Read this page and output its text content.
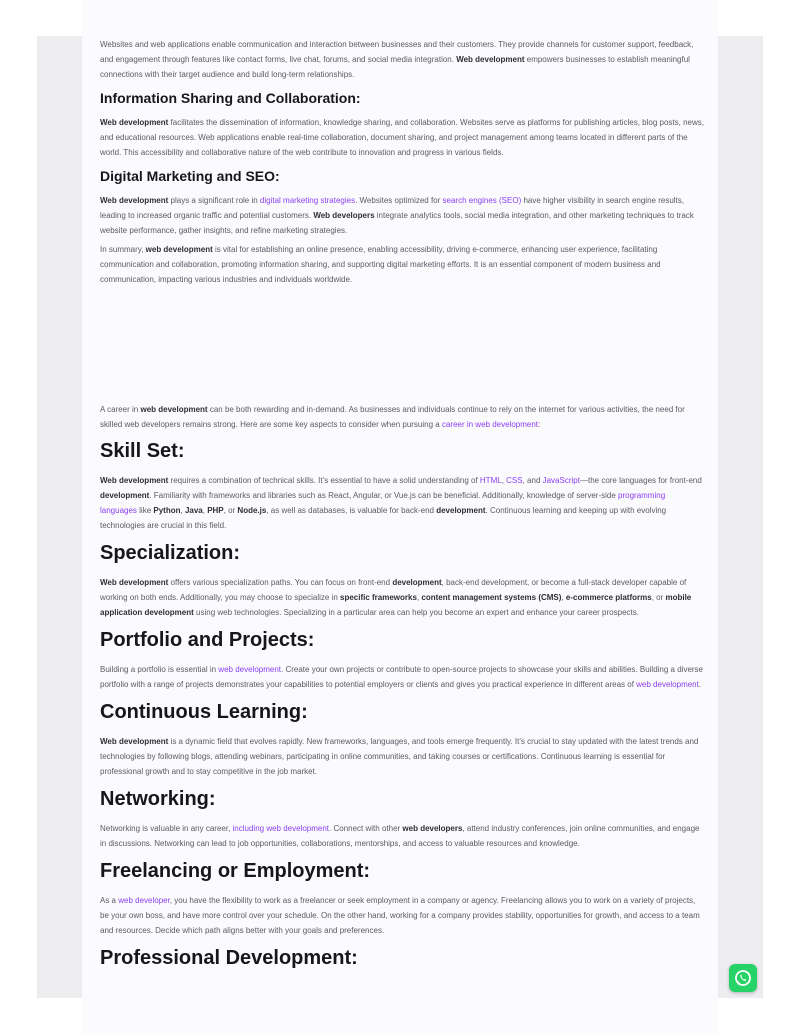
Websites and web applications enable communication and interaction between businesses and their customers. They provide channels for customer support, feedback, and engagement through features like contact forms, live chat, forums, and social media integration. Web development empowers businesses to establish meaningful connections with their target audience and build long-term relationships.

Information Sharing and Collaboration:

Web development facilitates the dissemination of information, knowledge sharing, and collaboration. Websites serve as platforms for publishing articles, blog posts, news, and educational resources. Web applications enable real-time collaboration, document sharing, and project management among teams located in different parts of the world. This accessibility and collaborative nature of the web contribute to innovation and progress in various fields.

Digital Marketing and SEO:

Web development plays a significant role in digital marketing strategies. Websites optimized for search engines (SEO) have higher visibility in search engine results, leading to increased organic traffic and potential customers. Web developers integrate analytics tools, social media integration, and other marketing techniques to track website performance, gather insights, and refine marketing strategies.

In summary, web development is vital for establishing an online presence, enabling accessibility, driving e-commerce, enhancing user experience, facilitating communication and collaboration, promoting information sharing, and supporting digital marketing efforts. It is an essential component of modern business and communication, impacting various industries and individuals worldwide.

A career in web development can be both rewarding and in-demand. As businesses and individuals continue to rely on the internet for various activities, the need for skilled web developers remains strong. Here are some key aspects to consider when pursuing a career in web development:

Skill Set:

Web development requires a combination of technical skills. It’s essential to have a solid understanding of HTML, CSS, and JavaScript—the core languages for front-end development. Familiarity with frameworks and libraries such as React, Angular, or Vue.js can be beneficial. Additionally, knowledge of server-side programming languages like Python, Java, PHP, or Node.js, as well as databases, is valuable for back-end development. Continuous learning and keeping up with evolving technologies are crucial in this field.

Specialization:

Web development offers various specialization paths. You can focus on front-end development, back-end development, or become a full-stack developer capable of working on both ends. Additionally, you may choose to specialize in specific frameworks, content management systems (CMS), e-commerce platforms, or mobile application development using web technologies. Specializing in a particular area can help you become an expert and enhance your career prospects.

Portfolio and Projects:

Building a portfolio is essential in web development. Create your own projects or contribute to open-source projects to showcase your skills and abilities. Building a diverse portfolio with a range of projects demonstrates your capabilities to potential employers or clients and gives you practical experience in different areas of web development.

Continuous Learning:

Web development is a dynamic field that evolves rapidly. New frameworks, languages, and tools emerge frequently. It’s crucial to stay updated with the latest trends and technologies by following blogs, attending webinars, participating in online communities, and taking courses or certifications. Continuous learning is essential for professional growth and to stay competitive in the job market.

Networking:

Networking is valuable in any career, including web development. Connect with other web developers, attend industry conferences, join online communities, and engage in discussions. Networking can lead to job opportunities, collaborations, mentorships, and access to valuable resources and knowledge.

Freelancing or Employment:

As a web developer, you have the flexibility to work as a freelancer or seek employment in a company or agency. Freelancing allows you to work on a variety of projects, be your own boss, and have more control over your schedule. On the other hand, working for a company provides stability, opportunities for growth, and access to a team and resources. Decide which path aligns better with your goals and preferences.

Professional Development:
